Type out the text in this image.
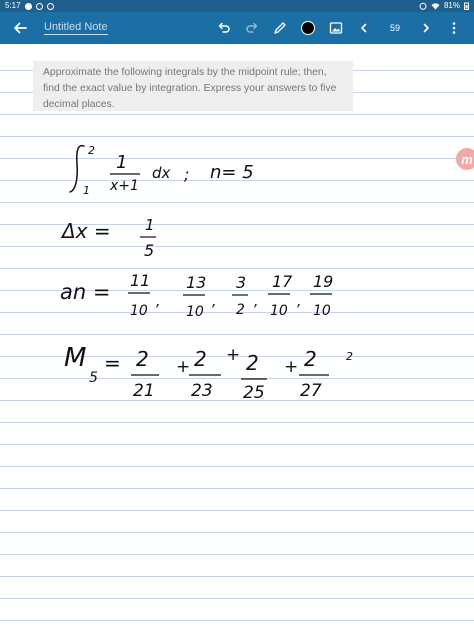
5:17	81%
Untitled Note	59
Approximate the following integrals by the midpoint rule; then, find the exact value by integration. Express your answers to five decimal places.
m
2
1
1
x+1
dx ; n= 5
Δx = 1
5
an = 11
10
,
13
10
,
3
2 ,
17
10
,
19
10
M
5
= 2
21
+ 2
23
+ 2
25
+ 2
27
2
